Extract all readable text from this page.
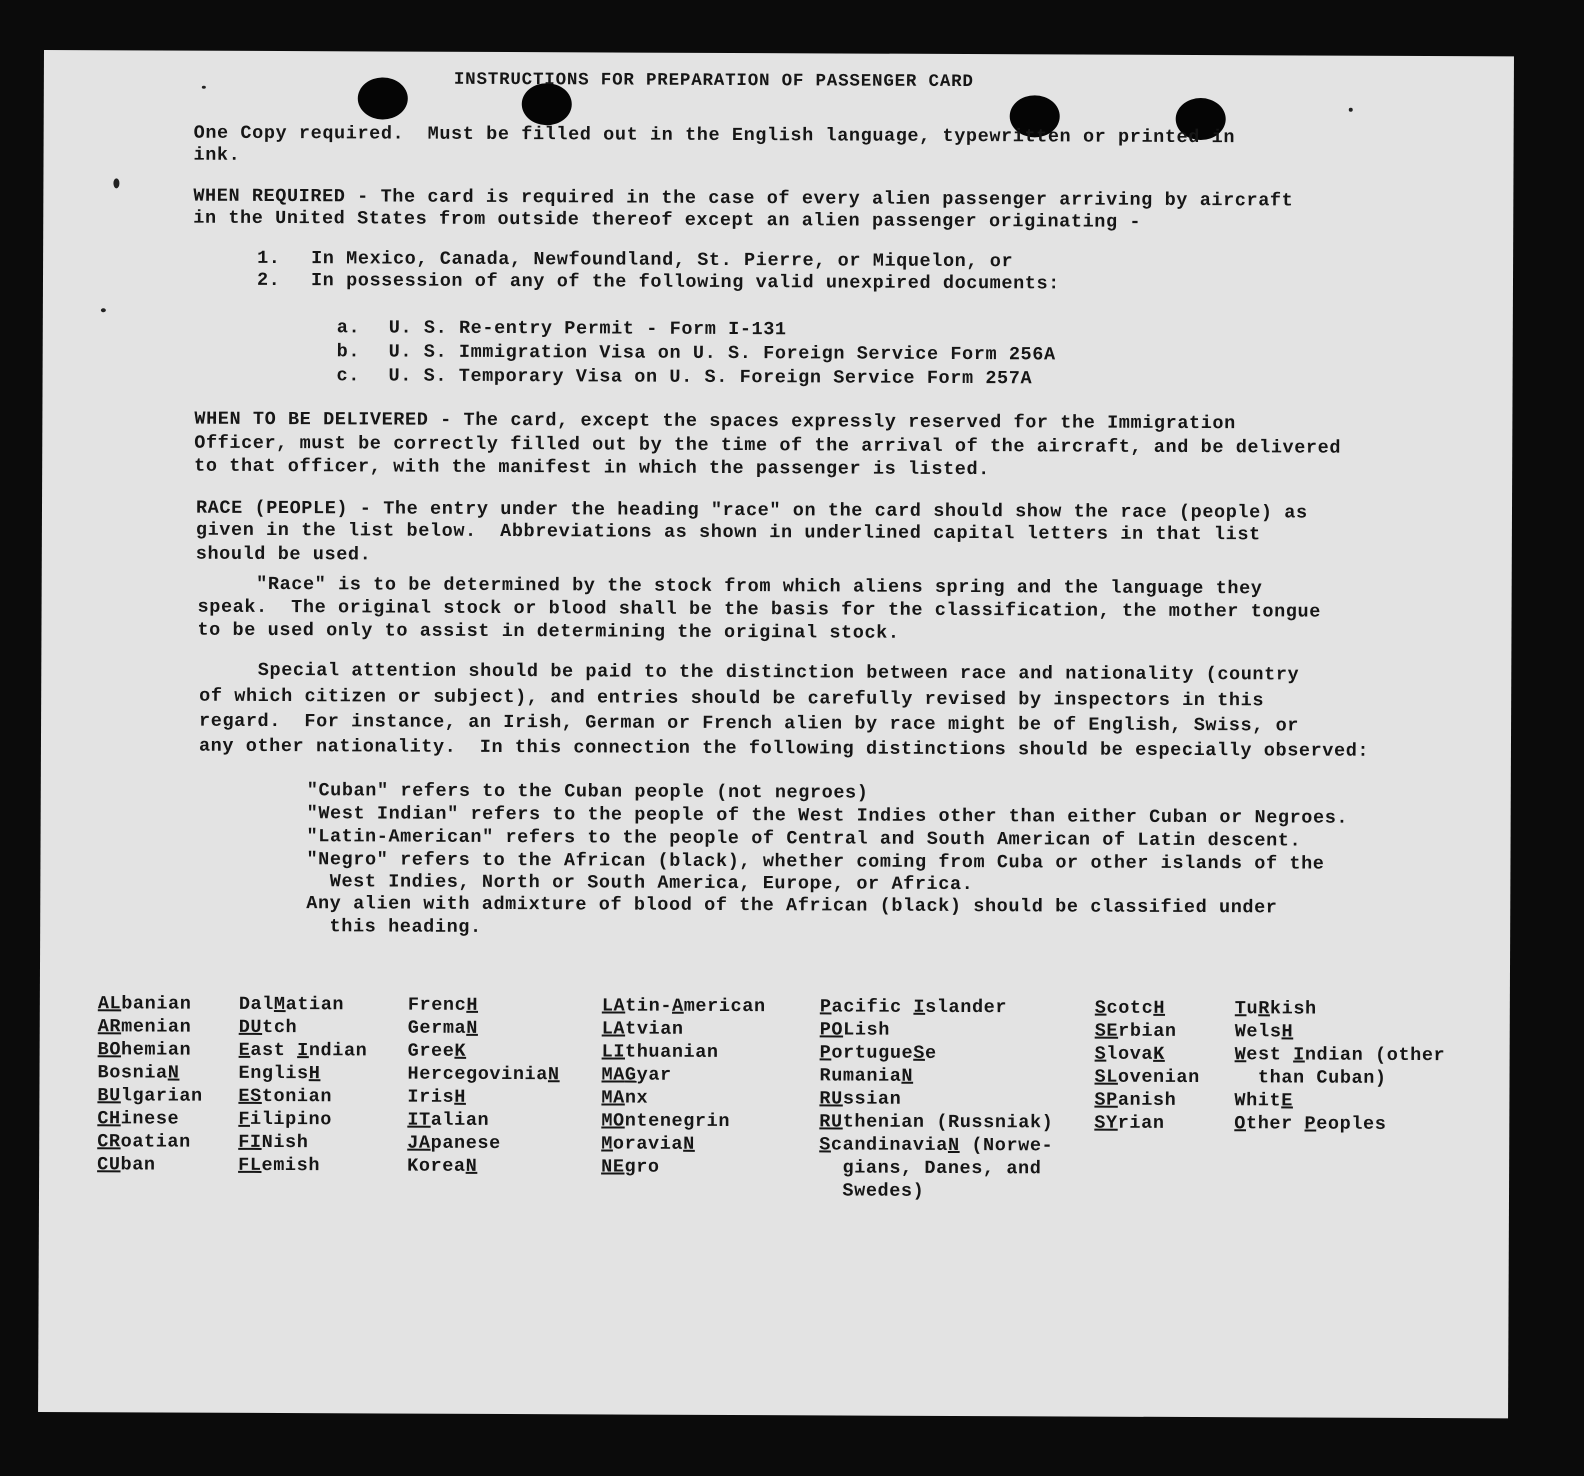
INSTRUCTIONS FOR PREPARATION OF PASSENGER CARD
One Copy required.  Must be filled out in the English language, typewritten or printed in
ink.
WHEN REQUIRED - The card is required in the case of every alien passenger arriving by aircraft
in the United States from outside thereof except an alien passenger originating -
1. In Mexico, Canada, Newfoundland, St. Pierre, or Miquelon, or
2. In possession of any of the following valid unexpired documents:
a. U. S. Re-entry Permit - Form I-131
b. U. S. Immigration Visa on U. S. Foreign Service Form 256A
c. U. S. Temporary Visa on U. S. Foreign Service Form 257A
WHEN TO BE DELIVERED - The card, except the spaces expressly reserved for the Immigration
Officer, must be correctly filled out by the time of the arrival of the aircraft, and be delivered
to that officer, with the manifest in which the passenger is listed.
RACE (PEOPLE) - The entry under the heading "race" on the card should show the race (people) as
given in the list below.  Abbreviations as shown in underlined capital letters in that list
should be used.
"Race" is to be determined by the stock from which aliens spring and the language they
speak.  The original stock or blood shall be the basis for the classification, the mother tongue
to be used only to assist in determining the original stock.
Special attention should be paid to the distinction between race and nationality (country
of which citizen or subject), and entries should be carefully revised by inspectors in this
regard.  For instance, an Irish, German or French alien by race might be of English, Swiss, or
any other nationality.  In this connection the following distinctions should be especially observed:
"Cuban" refers to the Cuban people (not negroes)
"West Indian" refers to the people of the West Indies other than either Cuban or Negroes.
"Latin-American" refers to the people of Central and South American of Latin descent.
"Negro" refers to the African (black), whether coming from Cuba or other islands of the
West Indies, North or South America, Europe, or Africa.
Any alien with admixture of blood of the African (black) should be classified under
this heading.
ALbanian
ARmenian
BOhemian
BosniaN
BUlgarian
CHinese
CRoatian
CUban
DalMatian
DUtch
East Indian
EnglisH
EStonian
Filipino
FINish
FLemish
FrencH
GermaN
GreeK
HercegoviniaN
IrisH
ITalian
JApanese
KoreaN
LAtin-American
LAtvian
LIthuanian
MAGyar
MAnx
MOntenegrin
MoraviaN
NEgro
Pacific Islander
POLish
PortugueSe
RumaniaN
RUssian
RUthenian (Russniak)
ScandinaviaN (Norwe-
gians, Danes, and
Swedes)
ScotcH
SErbian
SlovaK
SLovenian
SPanish
SYrian
TuRkish
WelsH
West Indian (other
than Cuban)
WhitE
Other Peoples
